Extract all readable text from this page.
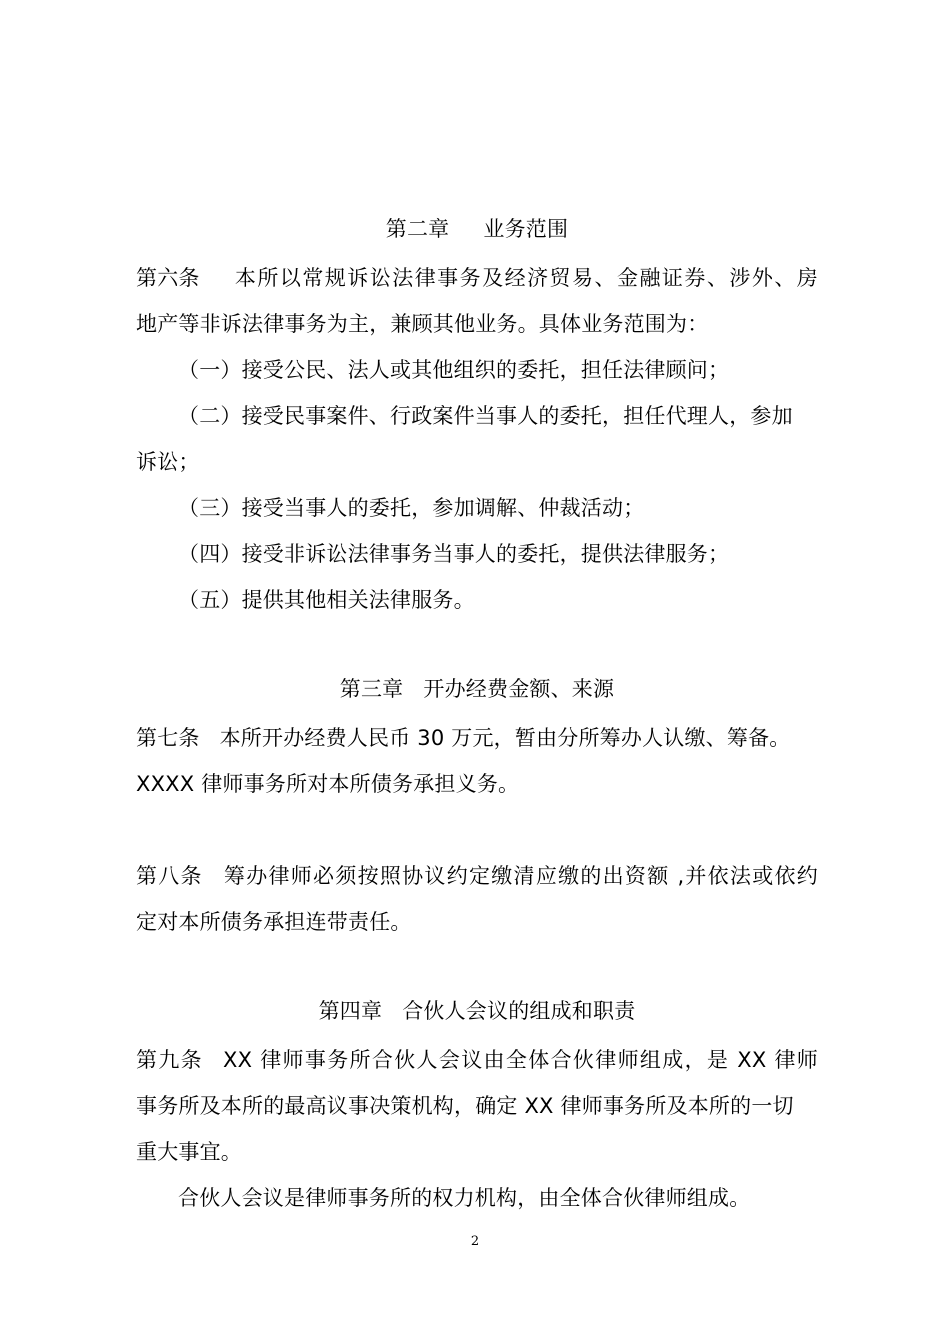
第二章 业务范围
第六条 本所以常规诉讼法律事务及经济贸易、金融证券、涉外、房
地产等非诉法律事务为主，兼顾其他业务。具体业务范围为：
（一）接受公民、法人或其他组织的委托，担任法律顾问；
（二）接受民事案件、行政案件当事人的委托，担任代理人，参加
诉讼；
（三）接受当事人的委托，参加调解、仲裁活动；
（四）接受非诉讼法律事务当事人的委托，提供法律服务；
（五）提供其他相关法律服务。
第三章 开办经费金额、来源
第七条 本所开办经费人民币 30 万元，暂由分所筹办人认缴、筹备。
XXXX 律师事务所对本所债务承担义务。
第八条 筹办律师必须按照协议约定缴清应缴的出资额 ,并依法或依约
定对本所债务承担连带责任。
第四章 合伙人会议的组成和职责
第九条 XX 律师事务所合伙人会议由全体合伙律师组成，是 XX 律师
事务所及本所的最高议事决策机构，确定 XX 律师事务所及本所的一切
重大事宜。
合伙人会议是律师事务所的权力机构，由全体合伙律师组成。
2
